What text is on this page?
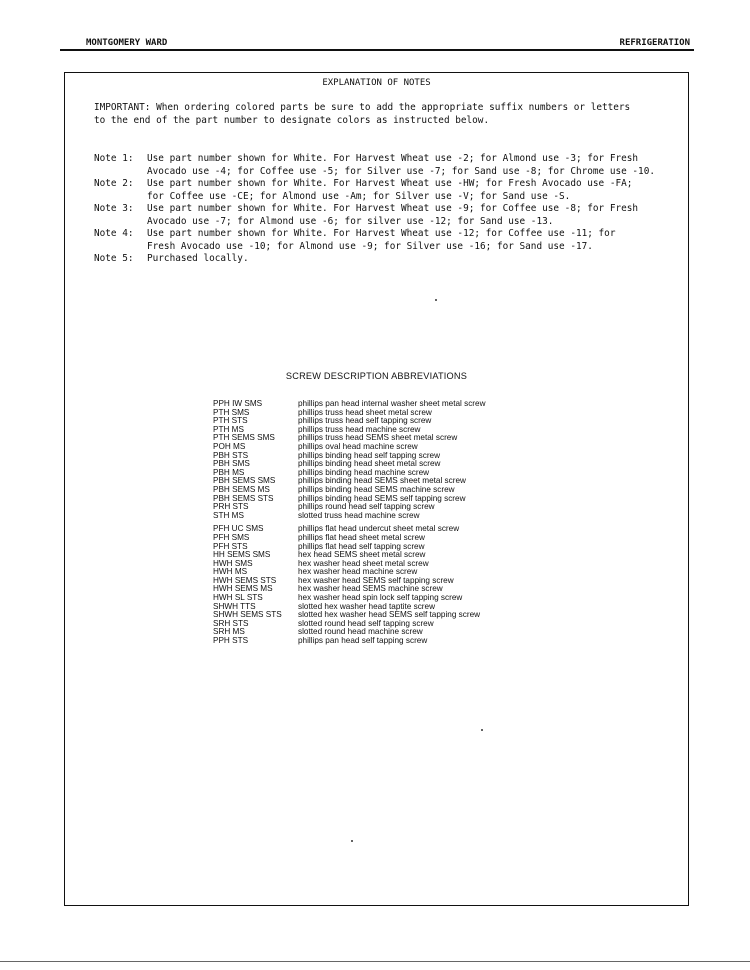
MONTGOMERY WARD	REFRIGERATION
EXPLANATION OF NOTES
IMPORTANT: When ordering colored parts be sure to add the appropriate suffix numbers or letters
to the end of the part number to designate colors as instructed below.
Note 1:	Use part number shown for White. For Harvest Wheat use -2; for Almond use -3; for Fresh
Avocado use -4; for Coffee use -5; for Silver use -7; for Sand use -8; for Chrome use -10.
Note 2:	Use part number shown for White. For Harvest Wheat use -HW; for Fresh Avocado use -FA;
for Coffee use -CE; for Almond use -Am; for Silver use -V; for Sand use -S.
Note 3:	Use part number shown for White. For Harvest Wheat use -9; for Coffee use -8; for Fresh
Avocado use -7; for Almond use -6; for silver use -12; for Sand use -13.
Note 4:	Use part number shown for White. For Harvest Wheat use -12; for Coffee use -11; for
Fresh Avocado use -10; for Almond use -9; for Silver use -16; for Sand use -17.
Note 5:	Purchased locally.
SCREW DESCRIPTION ABBREVIATIONS
PPH IW SMS	phillips pan head internal washer sheet metal screw
PTH SMS	phillips truss head sheet metal screw
PTH STS	phillips truss head self tapping screw
PTH MS	phillips truss head machine screw
PTH SEMS SMS	phillips truss head SEMS sheet metal screw
POH MS	phillips oval head machine screw
PBH STS	phillips binding head self tapping screw
PBH SMS	phillips binding head sheet metal screw
PBH MS	phillips binding head machine screw
PBH SEMS SMS	phillips binding head SEMS sheet metal screw
PBH SEMS MS	phillips binding head SEMS machine screw
PBH SEMS STS	phillips binding head SEMS self tapping screw
PRH STS	phillips round head self tapping screw
STH MS	slotted truss head machine screw
PFH UC SMS	phillips flat head undercut sheet metal screw
PFH SMS	phillips flat head sheet metal screw
PFH STS	phillips flat head self tapping screw
HH SEMS SMS	hex head SEMS sheet metal screw
HWH SMS	hex washer head sheet metal screw
HWH MS	hex washer head machine screw
HWH SEMS STS	hex washer head SEMS self tapping screw
HWH SEMS MS	hex washer head SEMS machine screw
HWH SL STS	hex washer head spin lock self tapping screw
SHWH TTS	slotted hex washer head taptite screw
SHWH SEMS STS	slotted hex washer head SEMS self tapping screw
SRH STS	slotted round head self tapping screw
SRH MS	slotted round head machine screw
PPH STS	phillips pan head self tapping screw
